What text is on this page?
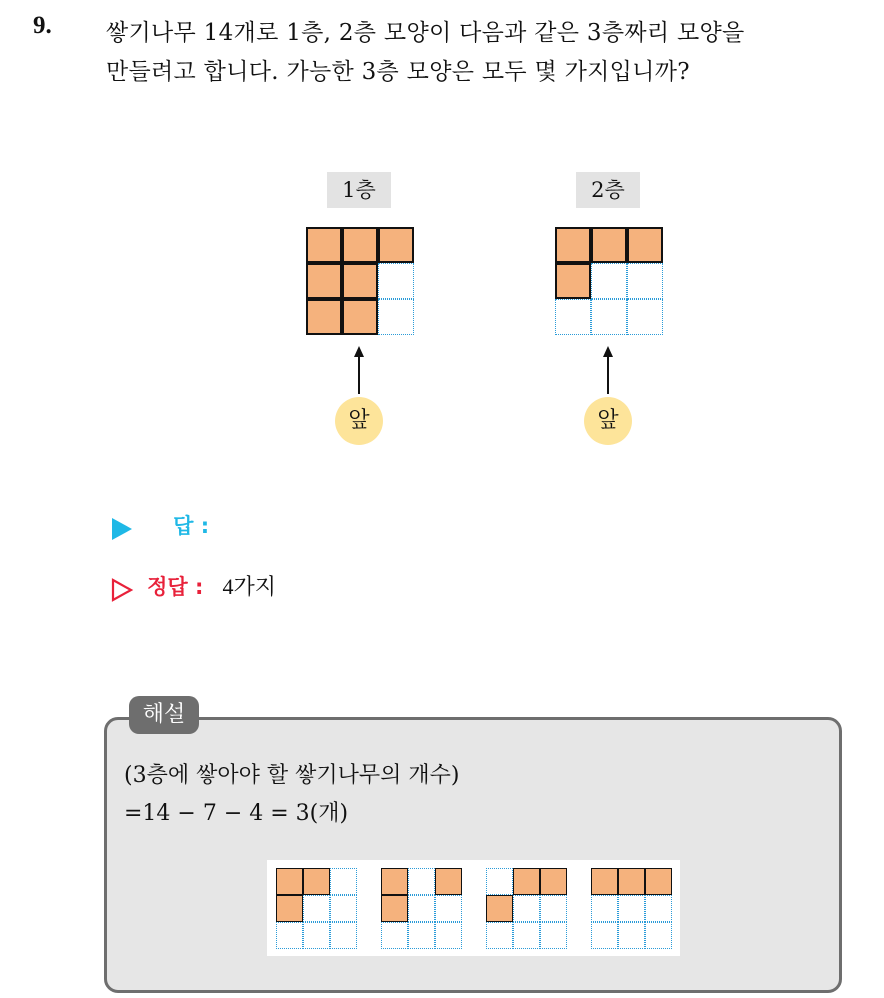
9. 쌓기나무 14개로 1층, 2층 모양이 다음과 같은 3층짜리 모양을
만들려고 합니다. 가능한 3층 모양은 모두 몇 가지입니까?
1층
앞
2층
앞
답 :
정답 : 4가지
해설
(3층에 쌓아야 할 쌓기나무의 개수)
=14 − 7 − 4 = 3(개)
